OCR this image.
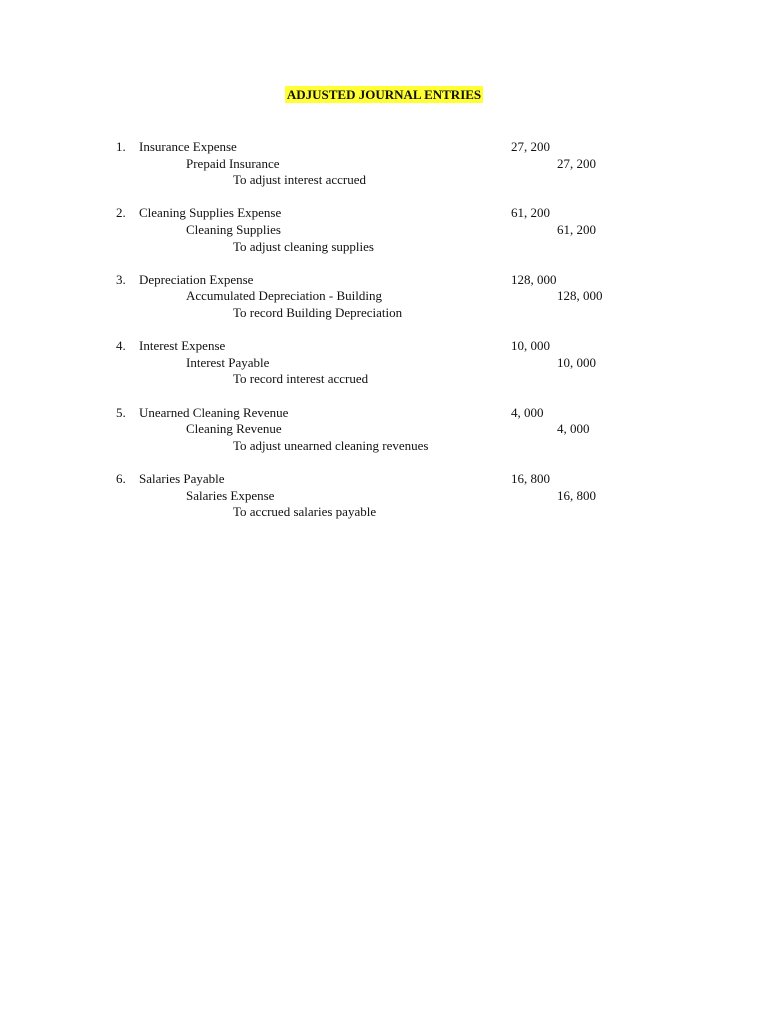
ADJUSTED JOURNAL ENTRIES
1. Insurance Expense	27, 200
Prepaid Insurance	27, 200
To adjust interest accrued
2. Cleaning Supplies Expense	61, 200
Cleaning Supplies	61, 200
To adjust cleaning supplies
3. Depreciation Expense	128, 000
Accumulated Depreciation - Building	128, 000
To record Building Depreciation
4. Interest Expense	10, 000
Interest Payable	10, 000
To record interest accrued
5. Unearned Cleaning Revenue	4, 000
Cleaning Revenue	4, 000
To adjust unearned cleaning revenues
6. Salaries Payable	16, 800
Salaries Expense	16, 800
To accrued salaries payable
